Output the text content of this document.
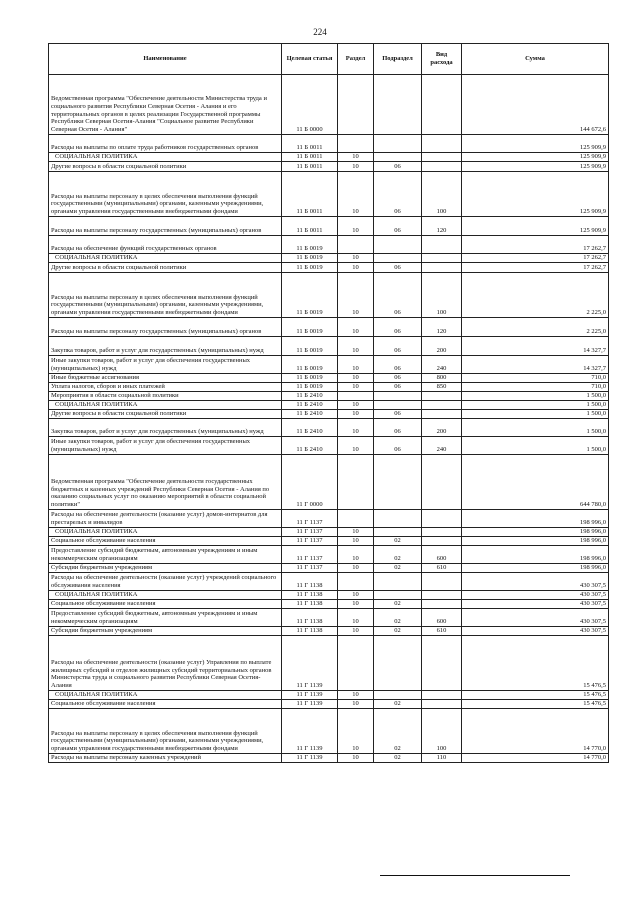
224
Наименование	Целевая статья	Раздел	Подраздел	Вид расхода	Сумма

Ведомственная программа "Обеспечение деятельности Министерства труда и социального развития Республики Северная Осетия - Алания и его территориальных органов в целях реализации Государственной программы Республики Северная Осетия-Алания "Социальное развитие Республики Северная Осетия - Алания"	11 Б 0000				144 672,6

Расходы на выплаты по оплате труда работников государственных органов	11 Б 0011				125 909,9

СОЦИАЛЬНАЯ ПОЛИТИКА	11 Б 0011	10			125 909,9

Другие вопросы в области социальной политики	11 Б 0011	10	06		125 909,9

Расходы на выплаты персоналу в целях обеспечения выполнения функций государственными (муниципальными) органами, казенными учреждениями, органами управления государственными внебюджетными фондами	11 Б 0011	10	06	100	125 909,9

Расходы на выплаты персоналу государственных (муниципальных) органов	11 Б 0011	10	06	120	125 909,9

Расходы на обеспечение функций государственных органов	11 Б 0019				17 262,7

СОЦИАЛЬНАЯ ПОЛИТИКА	11 Б 0019	10			17 262,7

Другие вопросы в области социальной политики	11 Б 0019	10	06		17 262,7

Расходы на выплаты персоналу в целях обеспечения выполнения функций государственными (муниципальными) органами, казенными учреждениями, органами управления государственными внебюджетными фондами	11 Б 0019	10	06	100	2 225,0

Расходы на выплаты персоналу государственных (муниципальных) органов	11 Б 0019	10	06	120	2 225,0

Закупка товаров, работ и услуг для государственных (муниципальных) нужд	11 Б 0019	10	06	200	14 327,7

Иные закупки товаров, работ и услуг для обеспечения государственных (муниципальных) нужд	11 Б 0019	10	06	240	14 327,7

Иные бюджетные ассигнования	11 Б 0019	10	06	800	710,0

Уплата налогов, сборов и иных платежей	11 Б 0019	10	06	850	710,0

Мероприятия в области социальной политики	11 Б 2410				1 500,0

СОЦИАЛЬНАЯ ПОЛИТИКА	11 Б 2410	10			1 500,0

Другие вопросы в области социальной политики	11 Б 2410	10	06		1 500,0

Закупка товаров, работ и услуг для государственных (муниципальных) нужд	11 Б 2410	10	06	200	1 500,0

Иные закупки товаров, работ и услуг для обеспечения государственных (муниципальных) нужд	11 Б 2410	10	06	240	1 500,0

Ведомственная программа "Обеспечение деятельности государственных бюджетных и казенных учреждений Республики Северная Осетия - Алания по оказанию социальных услуг по оказанию мероприятий в области социальной политики"	11 Г 0000				644 780,0

Расходы на обеспечение деятельности (оказание услуг) домов-интернатов для престарелых и инвалидов	11 Г 1137				198 996,0

СОЦИАЛЬНАЯ ПОЛИТИКА	11 Г 1137	10			198 996,0

Социальное обслуживание населения	11 Г 1137	10	02		198 996,0

Предоставление субсидий бюджетным, автономным учреждениям и иным некоммерческим организациям	11 Г 1137	10	02	600	198 996,0

Субсидии бюджетным учреждениям	11 Г 1137	10	02	610	198 996,0

Расходы на обеспечение деятельности (оказание услуг) учреждений социального обслуживания населения	11 Г 1138				430 307,5

СОЦИАЛЬНАЯ ПОЛИТИКА	11 Г 1138	10			430 307,5

Социальное обслуживание населения	11 Г 1138	10	02		430 307,5

Предоставление субсидий бюджетным, автономным учреждениям и иным некоммерческим организациям	11 Г 1138	10	02	600	430 307,5

Субсидии бюджетным учреждениям	11 Г 1138	10	02	610	430 307,5

Расходы на обеспечение деятельности (оказание услуг) Управления по выплате жилищных субсидий и отделов жилищных субсидий территориальных органов Министерства труда и социального развития Республики Северная Осетия-Алания	11 Г 1139				15 476,5

СОЦИАЛЬНАЯ ПОЛИТИКА	11 Г 1139	10			15 476,5

Социальное обслуживание населения	11 Г 1139	10	02		15 476,5

Расходы на выплаты персоналу в целях обеспечения выполнения функций государственными (муниципальными) органами, казенными учреждениями, органами управления государственными внебюджетными фондами	11 Г 1139	10	02	100	14 770,0

Расходы на выплаты персоналу казенных учреждений	11 Г 1139	10	02	110	14 770,0
